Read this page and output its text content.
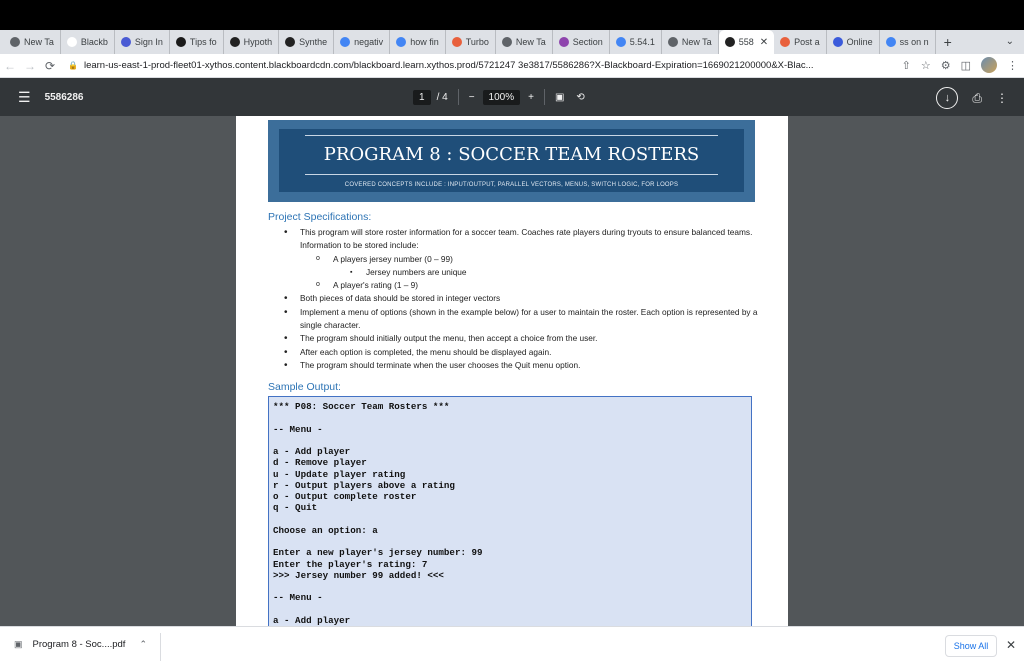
New Ta	Blackb	Sign In	Tips fo	Hypoth	Synthe	negativ	how fin	Turbo	New Ta	Section	5.54.1	New Ta	558 ✕	Post a	Online	ss on n	+	⌄
← → ⟳	🔒 learn-us-east-1-prod-fleet01-xythos.content.blackboardcdn.com/blackboard.learn.xythos.prod/5721247 3e3817/5586286?X-Blackboard-Expiration=1669021200000&X-Blac...	⇧ ☆ ⚙ ◫	⋮
☰ 5586286	1	/ 4 −	100%	+ ▣ ⟲	↓	⎙ ⋮
PROGRAM 8 : SOCCER TEAM ROSTERS
COVERED CONCEPTS INCLUDE : INPUT/OUTPUT, PARALLEL VECTORS, MENUS, SWITCH LOGIC, FOR LOOPS
Project Specifications:
• This program will store roster information for a soccer team. Coaches rate players during tryouts to ensure balanced teams. Information to be stored include:
o A players jersey number (0 – 99)
▪ Jersey numbers are unique
o A player's rating (1 – 9)
• Both pieces of data should be stored in integer vectors
• Implement a menu of options (shown in the example below) for a user to maintain the roster. Each option is represented by a single character.
• The program should initially output the menu, then accept a choice from the user.
• After each option is completed, the menu should be displayed again.
• The program should terminate when the user chooses the Quit menu option.
Sample Output:
*** P08: Soccer Team Rosters ***
-- Menu -
a - Add player
d - Remove player
u - Update player rating
r - Output players above a rating
o - Output complete roster
q - Quit
Choose an option: a
Enter a new player's jersey number: 99
Enter the player's rating: 7
>>> Jersey number 99 added! <<<
-- Menu -
a - Add player
▣ Program 8 - Soc....pdf ⌃	Show All	✕
